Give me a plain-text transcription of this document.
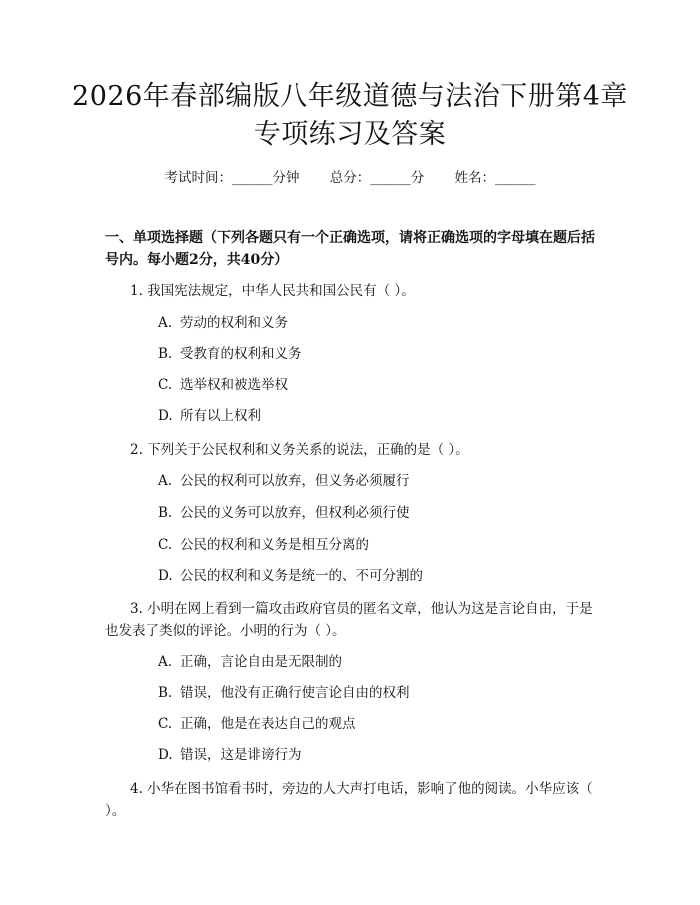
2026年春部编版八年级道德与法治下册第4章专项练习及答案
考试时间：______分钟 总分：______分 姓名：______
一、单项选择题（下列各题只有一个正确选项，请将正确选项的字母填在题后括号内。每小题2分，共40分）
1. 我国宪法规定，中华人民共和国公民有（ ）。
A. 劳动的权利和义务
B. 受教育的权利和义务
C. 选举权和被选举权
D. 所有以上权利
2. 下列关于公民权利和义务关系的说法，正确的是（ ）。
A. 公民的权利可以放弃，但义务必须履行
B. 公民的义务可以放弃，但权利必须行使
C. 公民的权利和义务是相互分离的
D. 公民的权利和义务是统一的、不可分割的
3. 小明在网上看到一篇攻击政府官员的匿名文章，他认为这是言论自由，于是也发表了类似的评论。小明的行为（ ）。
A. 正确，言论自由是无限制的
B. 错误，他没有正确行使言论自由的权利
C. 正确，他是在表达自己的观点
D. 错误，这是诽谤行为
4. 小华在图书馆看书时，旁边的人大声打电话，影响了他的阅读。小华应该（ ）。
